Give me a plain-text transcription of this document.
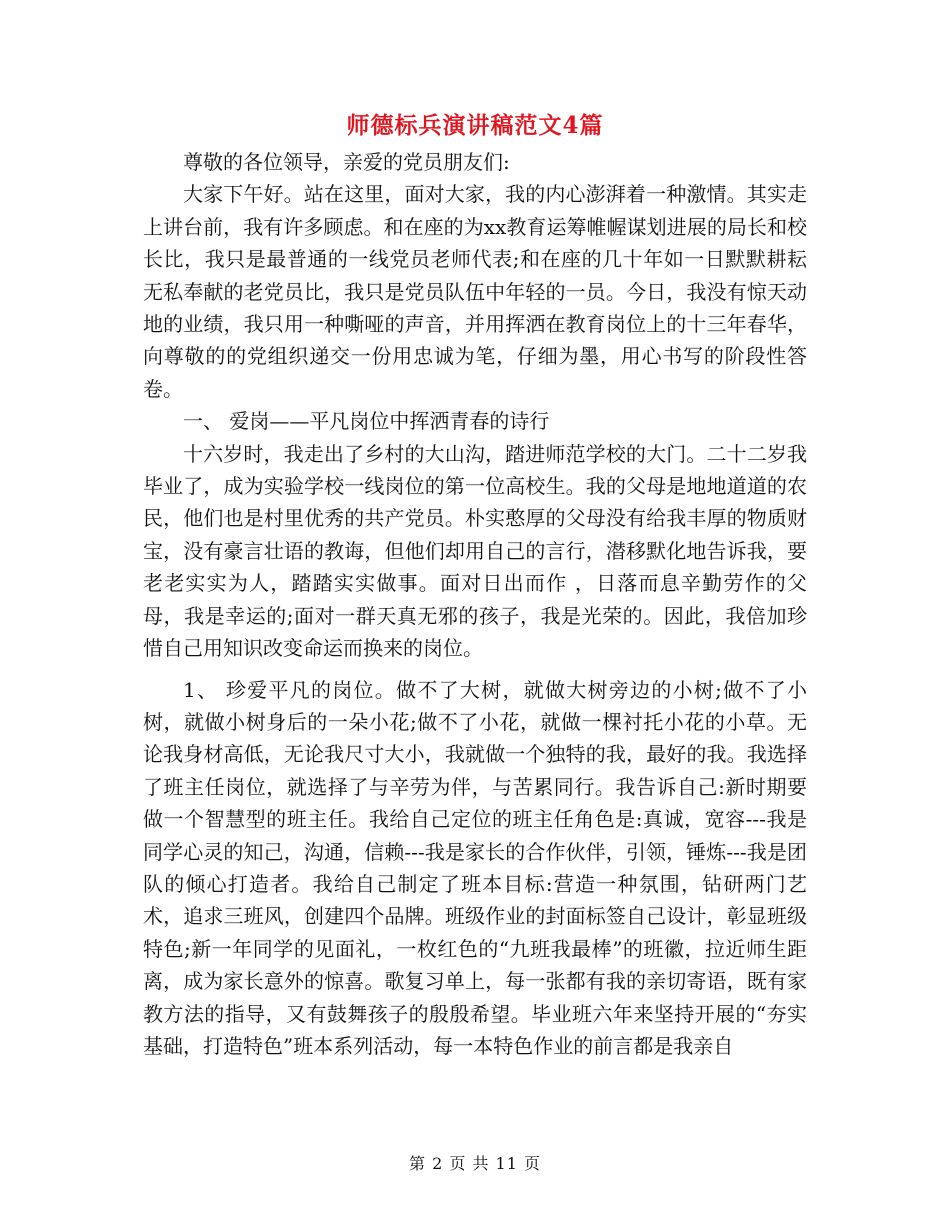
师德标兵演讲稿范文4篇

尊敬的各位领导，亲爱的党员朋友们:

大家下午好。站在这里，面对大家，我的内心澎湃着一种激情。其实走上讲台前，我有许多顾虑。和在座的为xx教育运筹帷幄谋划进展的局长和校长比，我只是最普通的一线党员老师代表;和在座的几十年如一日默默耕耘无私奉献的老党员比，我只是党员队伍中年轻的一员。今日，我没有惊天动地的业绩，我只用一种嘶哑的声音，并用挥洒在教育岗位上的十三年春华，向尊敬的的党组织递交一份用忠诚为笔，仔细为墨，用心书写的阶段性答卷。

一、 爱岗——平凡岗位中挥洒青春的诗行

十六岁时，我走出了乡村的大山沟，踏进师范学校的大门。二十二岁我毕业了，成为实验学校一线岗位的第一位高校生。我的父母是地地道道的农民，他们也是村里优秀的共产党员。朴实憨厚的父母没有给我丰厚的物质财宝，没有豪言壮语的教诲，但他们却用自己的言行，潜移默化地告诉我，要老老实实为人，踏踏实实做事。面对日出而作 ，日落而息辛勤劳作的父母，我是幸运的;面对一群天真无邪的孩子，我是光荣的。因此，我倍加珍惜自己用知识改变命运而换来的岗位。

1、 珍爱平凡的岗位。做不了大树，就做大树旁边的小树;做不了小树，就做小树身后的一朵小花;做不了小花，就做一棵衬托小花的小草。无论我身材高低，无论我尺寸大小，我就做一个独特的我，最好的我。我选择了班主任岗位，就选择了与辛劳为伴，与苦累同行。我告诉自己:新时期要做一个智慧型的班主任。我给自己定位的班主任角色是:真诚，宽容---我是同学心灵的知己，沟通，信赖---我是家长的合作伙伴，引领，锤炼---我是团队的倾心打造者。我给自己制定了班本目标:营造一种氛围，钻研两门艺术，追求三班风，创建四个品牌。班级作业的封面标签自己设计，彰显班级特色;新一年同学的见面礼，一枚红色的“九班我最棒”的班徽，拉近师生距离，成为家长意外的惊喜。歌复习单上，每一张都有我的亲切寄语，既有家教方法的指导，又有鼓舞孩子的殷殷希望。毕业班六年来坚持开展的“夯实基础，打造特色”班本系列活动，每一本特色作业的前言都是我亲自

第 2 页 共 11 页
